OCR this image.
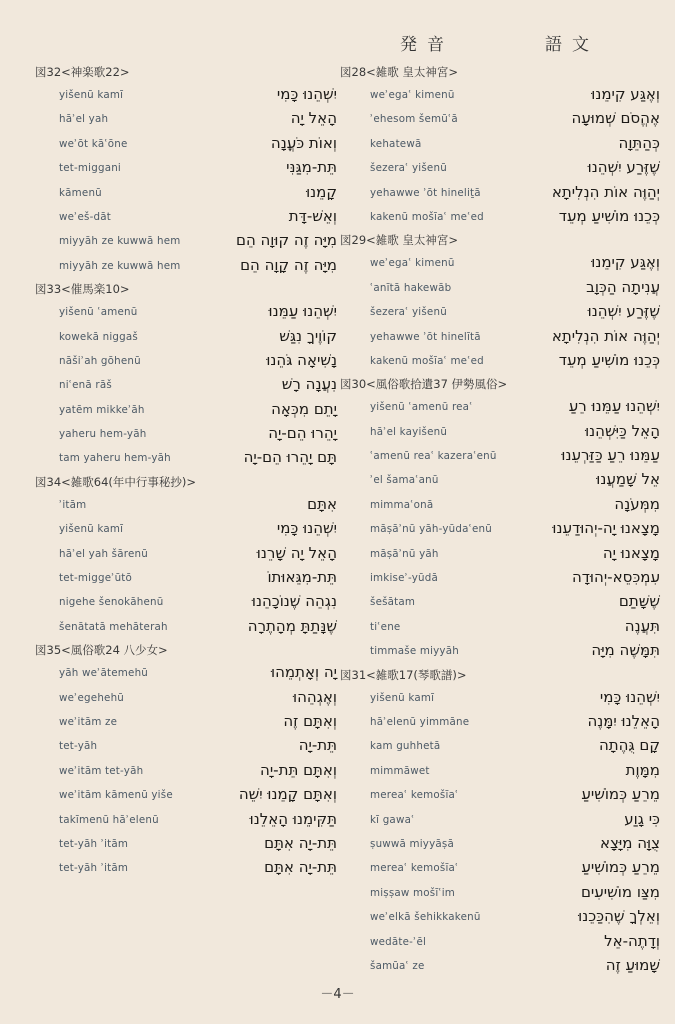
発音	語文
図32<神楽歌22>
yišenū kamī	יִשְׁהֵנוּ כָּמִי
hāʾel yah	הָאֵל יָה
weʾōt kāʿōne	וְאוֹת כֹּעֳנָה
tet-miggani	תֵּת-מִגַּנִּי
kāmenū	קָמֵנוּ
weʾeš-dāt	וְאֵשׁ-דָּת
miyyāh ze kuwwā hem	מִיָּה זֶה קוּוָה הֵם
miyyāh ze kuwwā hem	מִיָּה זֶה קָוָה הֵם
図33<催馬楽10>
yišenū ʿamenū	יִשְׁהֵנוּ עַמֵּנוּ
kowekā niggaš	קוֹוֶיךָ נִגַּשׁ
nāšiʾah gōhenū	נָשִׁיאָה גֹּהֵנוּ
niʿenā rāš	נִעֲנָה רָשׁ
yatēm mikkeʾāh	יָתֵם מִכְּאָה
yaheru hem-yāh	יָהֵרוּ הֵם-יָה
tam yaheru hem-yāh	תָּם יָהֵרוּ הֵם-יָה
図34<雑歌64(年中行事秘抄)>
ʾitām	אִתָּם
yišenū kamī	יִשְׁהֵנוּ כָּמִי
hāʾel yah šārenū	הָאֵל יָה שָׁרֵנוּ
tet-miggeʾūtō	תֵּת-מִגֵּאוּתוֹ
nigehe šenokāhenū	נִגְהֵה שֶׁנוֹכָהֵנוּ
šenātatā mehāterah	שֶׁנָּתַתָּ מְהָתֶרָה
図35<風俗歌24 八少女>
yāh weʾātemehū	יָה וְאָתְמֵהוּ
weʾegehehū	וְאֶגְהֵהוּ
weʾitām ze	וְאִתָּם זֶה
tet-yāh	תֵּת-יָה
weʾitām tet-yāh	וְאִתָּם תֵּת-יָה
weʾitām kāmenū yiše	וְאִתָּם קָמֵנוּ יִשֵׁה
takīmenū hāʾelenū	תַּקִּימֵנוּ הָאֵלֵנוּ
tet-yāh ʾitām	תֵּת-יָה אִתָּם
tet-yāh ʾitām	תֵּת-יָה אִתָּם
図28<雑歌 皇太神宮>
weʾegaʿ kimenū	וְאֶגַּע קִימֵנוּ
ʾehesom šemūʿā	אֶהֱסֹם שְׁמוּעָה
kehatewā	כְּהַתֵּוָה
šezeraʿ yišenū	שֶׁזֶּרַע יִשְׁהֵנוּ
yehawwe ʾōt hineliṯā	יְהַוֶּה אוֹת הִנְלִיתָא
kakenū mošīaʿ meʿed	כְּכֵנוּ מוֹשִׁיעַ מְעֵד
図29<雑歌 皇太神宮>
weʾegaʿ kimenū	וְאֶגַּע קִימֵנוּ
ʿanītā hakewāb	עֲנִיתָה הַכְּוָב
šezeraʿ yišenū	שֶׁזֶּרַע יִשְׁהֵנוּ
yehawwe ʾōt hinelītā	יְהַוֶּה אוֹת הִנְלִיתָא
kakenū mošīaʿ meʿed	כְּכֵנוּ מוֹשִׁיעַ מְעֵד
図30<風俗歌拾遺37 伊勢風俗>
yišenū ʿamenū reaʿ	יִשְׁהֵנוּ עַמֵּנוּ רֵעַ
hāʾel kayišenū	הָאֵל כַּיִּשְׁהֵנוּ
ʿamenū reaʿ kazeraʿenū	עַמֵּנוּ רֵעַ כַּזַּרְעֵנוּ
ʾel šamaʿanū	אֵל שָׁמַעֲנוּ
mimmaʿonā	מִמְּעֹנָה
māṣāʾnū yāh-yūdaʿenū	מָצָאנוּ יָה-יְהוּדַעֵנוּ
māṣāʾnū yāh	מָצָאנוּ יָה
imkiseʾ-yūdā	עִמְכִּסֵא-יְהוּדָה
šešātam	שֶׁשָּׁתַם
tiʿene	תִּעֲנֶה
timmaše miyyāh	תִּמָּשֶׁה מִיָּה
図31<雑歌17(琴歌譜)>
yišenū kamī	יִשְׁהֵנוּ כָּמִי
hāʾelenū yimmāne	הָאֵלֵנוּ יִמָּנֶה
kam guhhetā	קָם גֻּהֶתָה
mimmāwet	מִמָּוֶת
mereaʿ kemošīaʿ	מֵרֵעַ כְּמוֹשִׁיעַ
kī gawaʿ	כִּי גָוַע
ṣuwwā miyyāṣā	צֻוָּה מִיָּצָא
mereaʿ kemošīaʿ	מֵרֵעַ כְּמוֹשִׁיעַ
miṣṣaw mošīʿim	מִצַּו מוֹשִׁיעִים
weʾelkā šehikkakenū	וְאֵלְךָ שֶׁהִכַּכֵנוּ
wedāte-ʾēl	וְדָתֶה-אֵל
šamūaʿ ze	שָׁמוּעַ זֶה
－4－
